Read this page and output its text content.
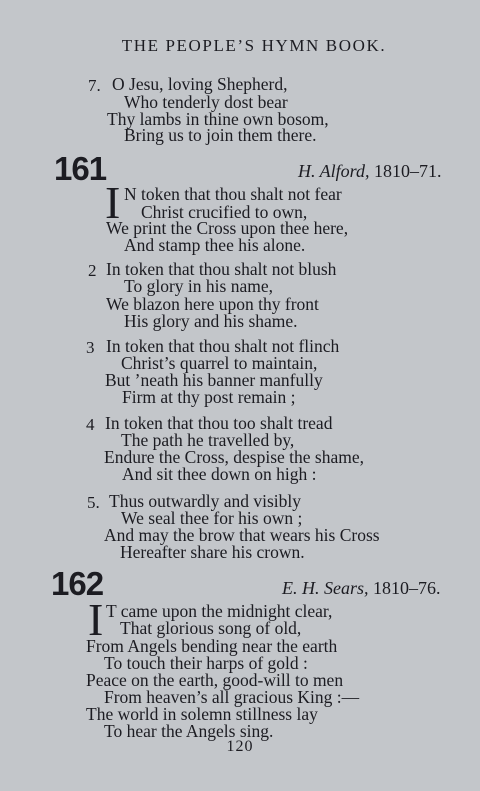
THE PEOPLE’S HYMN BOOK.
7. O Jesu, loving Shepherd,
Who tenderly dost bear
Thy lambs in thine own bosom,
Bring us to join them there.
161	H. Alford, 1810–71.
I N token that thou shalt not fear
Christ crucified to own,
We print the Cross upon thee here,
And stamp thee his alone.
2 In token that thou shalt not blush
To glory in his name,
We blazon here upon thy front
His glory and his shame.
3 In token that thou shalt not flinch
Christ’s quarrel to maintain,
But ’neath his banner manfully
Firm at thy post remain ;
4 In token that thou too shalt tread
The path he travelled by,
Endure the Cross, despise the shame,
And sit thee down on high :
5. Thus outwardly and visibly
We seal thee for his own ;
And may the brow that wears his Cross
Hereafter share his crown.
162	E. H. Sears, 1810–76.
I T came upon the midnight clear,
That glorious song of old,
From Angels bending near the earth
To touch their harps of gold :
Peace on the earth, good-will to men
From heaven’s all gracious King :—
The world in solemn stillness lay
To hear the Angels sing.
120
